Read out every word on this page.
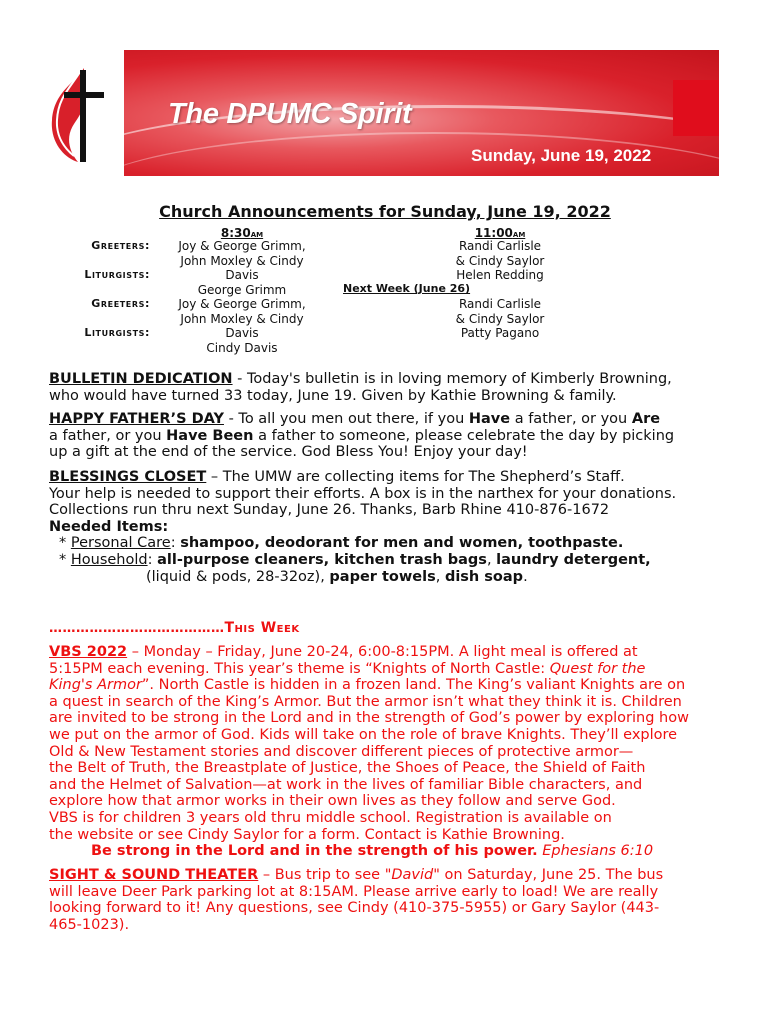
The DPUMC Spirit
Sunday, June 19, 2022
Church Announcements for Sunday, June 19, 2022
8:30am	11:00am
Greeters:
Liturgists:
Joy & George Grimm,
John Moxley & Cindy Davis
George Grimm
Randi Carlisle
& Cindy Saylor
Helen Redding
Next Week (June 26)
Greeters:
Liturgists:
Joy & George Grimm,
John Moxley & Cindy Davis
Cindy Davis
Randi Carlisle
& Cindy Saylor
Patty Pagano
BULLETIN DEDICATION - Today's bulletin is in loving memory of Kimberly Browning,
who would have turned 33 today, June 19. Given by Kathie Browning & family.
HAPPY FATHER’S DAY - To all you men out there, if you Have a father, or you Are
a father, or you Have Been a father to someone, please celebrate the day by picking
up a gift at the end of the service. God Bless You! Enjoy your day!
BLESSINGS CLOSET – The UMW are collecting items for The Shepherd’s Staff.
Your help is needed to support their efforts. A box is in the narthex for your donations.
Collections run thru next Sunday, June 26. Thanks, Barb Rhine 410-876-1672
Needed Items:
* Personal Care: shampoo, deodorant for men and women, toothpaste.
* Household: all-purpose cleaners, kitchen trash bags, laundry detergent,
(liquid & pods, 28-32oz), paper towels, dish soap.
…………………………………This Week
VBS 2022 – Monday – Friday, June 20-24, 6:00-8:15PM. A light meal is offered at
5:15PM each evening. This year’s theme is “Knights of North Castle: Quest for the
King's Armor”. North Castle is hidden in a frozen land. The King’s valiant Knights are on
a quest in search of the King’s Armor. But the armor isn’t what they think it is. Children
are invited to be strong in the Lord and in the strength of God’s power by exploring how
we put on the armor of God. Kids will take on the role of brave Knights. They’ll explore
Old & New Testament stories and discover different pieces of protective armor—
the Belt of Truth, the Breastplate of Justice, the Shoes of Peace, the Shield of Faith
and the Helmet of Salvation—at work in the lives of familiar Bible characters, and
explore how that armor works in their own lives as they follow and serve God.
VBS is for children 3 years old thru middle school. Registration is available on
the website or see Cindy Saylor for a form. Contact is Kathie Browning.
Be strong in the Lord and in the strength of his power. Ephesians 6:10
SIGHT & SOUND THEATER – Bus trip to see "David" on Saturday, June 25. The bus
will leave Deer Park parking lot at 8:15AM. Please arrive early to load! We are really
looking forward to it! Any questions, see Cindy (410-375-5955) or Gary Saylor (443-
465-1023).
